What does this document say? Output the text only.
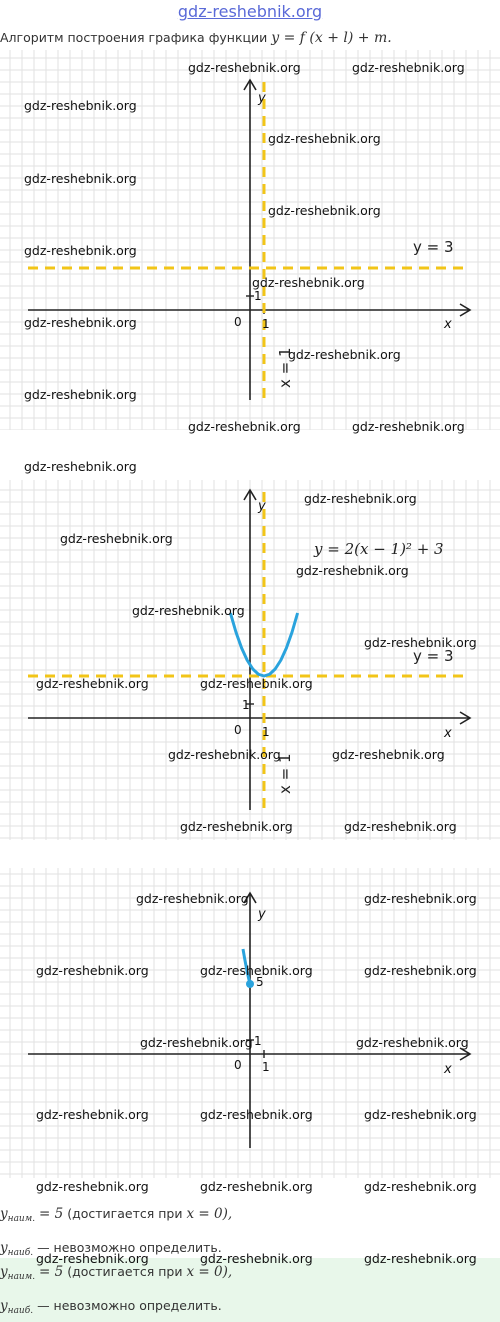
gdz-reshebnik.org
Алгоритм построения графика функции y = f (x + l) + m.
y
x
0 1
1
y = 3
x = 1
y
x
0 1
1
y = 3
x = 1
y = 2(x − 1)² + 3
y
x
0 1
1
5
$y_{наим.} = 5$ (достигается при x = 0),
$y_{наиб.}$ — невозможно определить.
$y_{наим.} = 5$ (достигается при x = 0),
$y_{наиб.}$ — невозможно определить.
gdz-reshebnik.org	gdz-reshebnik.org
gdz-reshebnik.org
gdz-reshebnik.org
gdz-reshebnik.org
gdz-reshebnik.org
gdz-reshebnik.org
gdz-reshebnik.org
gdz-reshebnik.org
gdz-reshebnik.org
gdz-reshebnik.org
gdz-reshebnik.org	gdz-reshebnik.org
gdz-reshebnik.org
gdz-reshebnik.org
gdz-reshebnik.org
gdz-reshebnik.org
gdz-reshebnik.org
gdz-reshebnik.org
gdz-reshebnik.org	gdz-reshebnik.org
gdz-reshebnik.org	gdz-reshebnik.org
gdz-reshebnik.org	gdz-reshebnik.org
gdz-reshebnik.org	gdz-reshebnik.org
gdz-reshebnik.org	gdz-reshebnik.org	gdz-reshebnik.org
gdz-reshebnik.org	gdz-reshebnik.org
gdz-reshebnik.org	gdz-reshebnik.org	gdz-reshebnik.org
gdz-reshebnik.org	gdz-reshebnik.org	gdz-reshebnik.org
gdz-reshebnik.org	gdz-reshebnik.org	gdz-reshebnik.org
